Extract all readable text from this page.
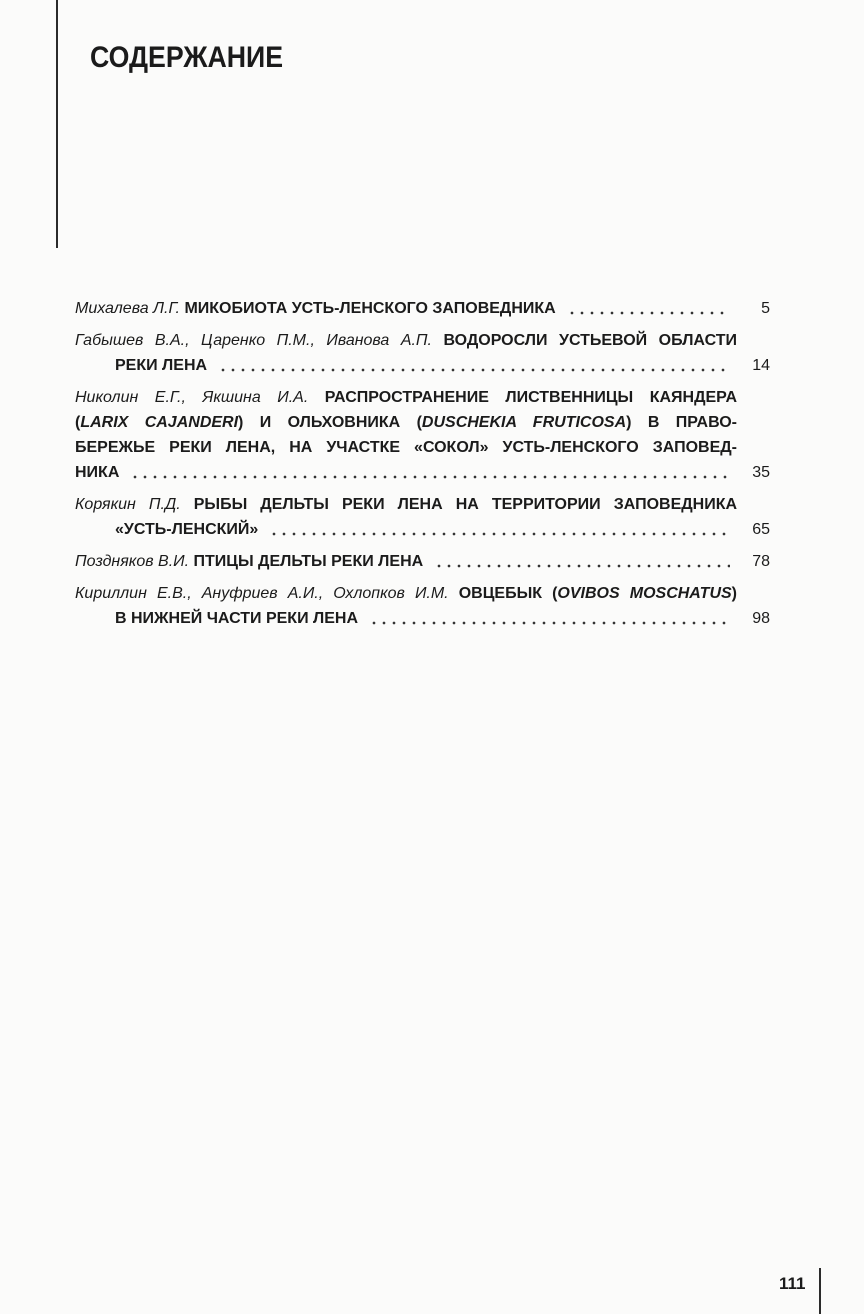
СОДЕРЖАНИЕ
Михалева Л.Г. МИКОБИОТА УСТЬ-ЛЕНСКОГО ЗАПОВЕДНИКА	5
Габышев В.А., Царенко П.М., Иванова А.П. ВОДОРОСЛИ УСТЬЕВОЙ ОБЛАСТИ
РЕКИ ЛЕНА	14
Николин Е.Г., Якшина И.А. РАСПРОСТРАНЕНИЕ ЛИСТВЕННИЦЫ КАЯНДЕРА
(LARIX CAJANDERI) И ОЛЬХОВНИКА (DUSCHEKIA FRUTICOSA) В ПРАВО-
БЕРЕЖЬЕ РЕКИ ЛЕНА, НА УЧАСТКЕ «СОКОЛ» УСТЬ-ЛЕНСКОГО ЗАПОВЕД-
НИКА	35
Корякин П.Д. РЫБЫ ДЕЛЬТЫ РЕКИ ЛЕНА НА ТЕРРИТОРИИ ЗАПОВЕДНИКА
«УСТЬ-ЛЕНСКИЙ»	65
Поздняков В.И. ПТИЦЫ ДЕЛЬТЫ РЕКИ ЛЕНА	78
Кириллин Е.В., Ануфриев А.И., Охлопков И.М. ОВЦЕБЫК (OVIBOS MOSCHATUS)
В НИЖНЕЙ ЧАСТИ РЕКИ ЛЕНА	98
111
